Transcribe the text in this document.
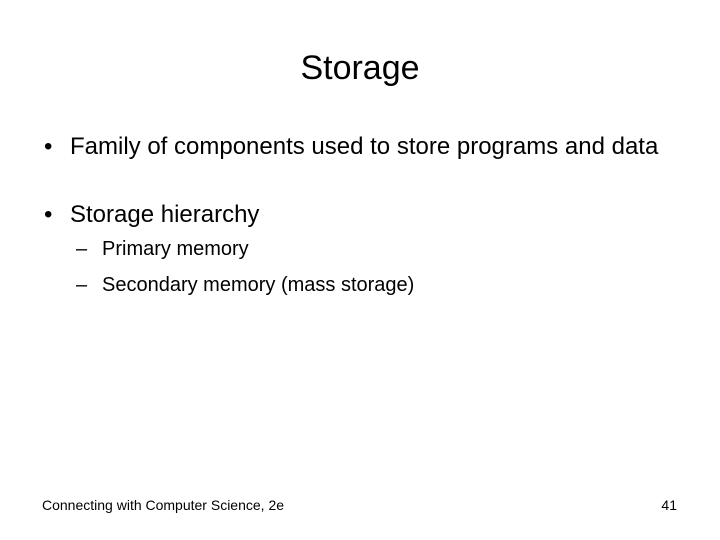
Storage
• Family of components used to store programs and data
• Storage hierarchy
– Primary memory
– Secondary memory (mass storage)
Connecting with Computer Science, 2e	41
